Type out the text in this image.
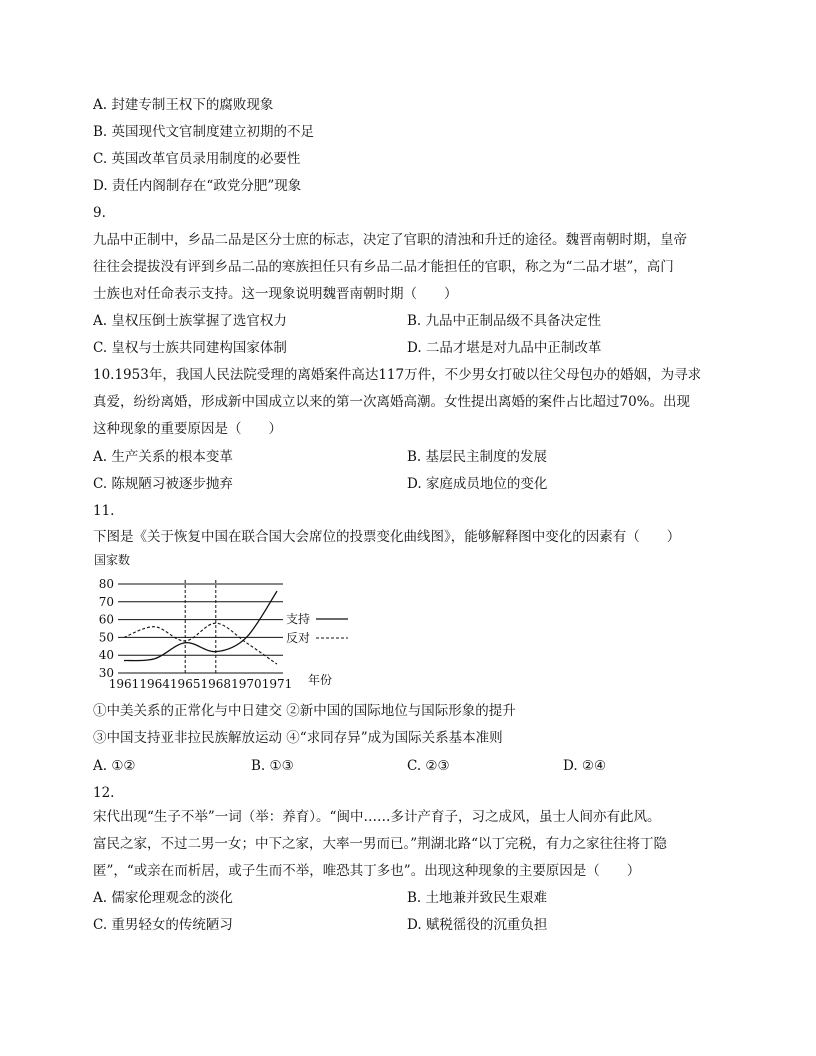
A. 封建专制王权下的腐败现象
B. 英国现代文官制度建立初期的不足
C. 英国改革官员录用制度的必要性
D. 责任内阁制存在“政党分肥”现象
9.
九品中正制中，乡品二品是区分士庶的标志，决定了官职的清浊和升迁的途径。魏晋南朝时期，皇帝
往往会提拔没有评到乡品二品的寒族担任只有乡品二品才能担任的官职，称之为“二品才堪”，高门
士族也对任命表示支持。这一现象说明魏晋南朝时期（　　）
A. 皇权压倒士族掌握了选官权力	B. 九品中正制品级不具备决定性
C. 皇权与士族共同建构国家体制	D. 二品才堪是对九品中正制改革
10.1953年，我国人民法院受理的离婚案件高达117万件，不少男女打破以往父母包办的婚姻，为寻求
真爱，纷纷离婚，形成新中国成立以来的第一次离婚高潮。女性提出离婚的案件占比超过70%。出现
这种现象的重要原因是（　　）
A. 生产关系的根本变革	B. 基层民主制度的发展
C. 陈规陋习被逐步抛弃	D. 家庭成员地位的变化
11.
下图是《关于恢复中国在联合国大会席位的投票变化曲线图》，能够解释图中变化的因素有（　　）
国家数
30
40
50
60
70
80
1961 1964 1965 1968 1970 1971
支持
反对
年份
①中美关系的正常化与中日建交 ②新中国的国际地位与国际形象的提升
③中国支持亚非拉民族解放运动 ④“求同存异”成为国际关系基本准则
A. ①②	B. ①③	C. ②③	D. ②④
12.
宋代出现“生子不举”一词（举：养育）。“闽中……多计产育子，习之成风，虽士人间亦有此风。
富民之家，不过二男一女；中下之家，大率一男而已。”荆湖北路“以丁完税，有力之家往往将丁隐
匿”，“或亲在而析居，或子生而不举，唯恐其丁多也”。出现这种现象的主要原因是（　　）
A. 儒家伦理观念的淡化	B. 土地兼并致民生艰难
C. 重男轻女的传统陋习	D. 赋税徭役的沉重负担
